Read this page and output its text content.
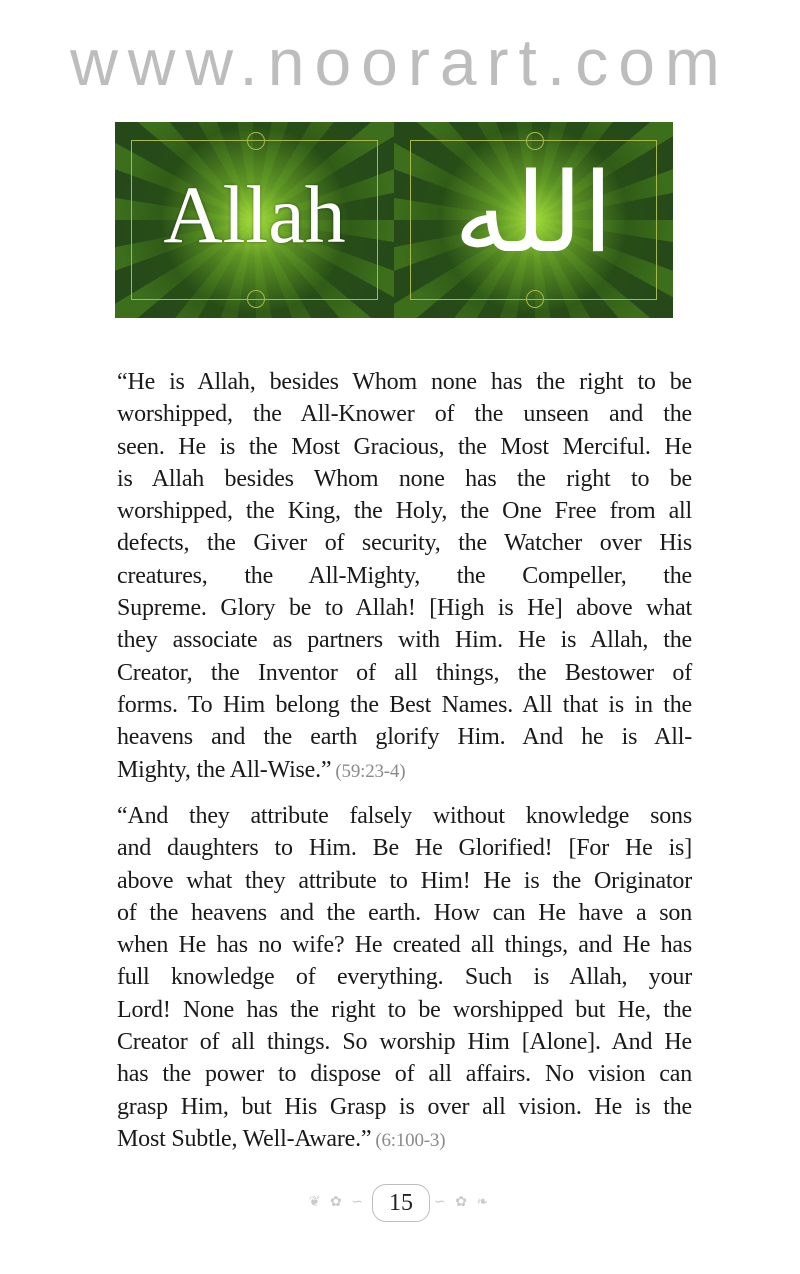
www.noorart.com
Allah الله
“He is Allah, besides Whom none has the right to be
worshipped, the All-Knower of the unseen and the
seen. He is the Most Gracious, the Most Merciful. He
is Allah besides Whom none has the right to be
worshipped, the King, the Holy, the One Free from all
defects, the Giver of security, the Watcher over His
creatures, the All-Mighty, the Compeller, the
Supreme. Glory be to Allah! [High is He] above what
they associate as partners with Him. He is Allah, the
Creator, the Inventor of all things, the Bestower of
forms. To Him belong the Best Names. All that is in the
heavens and the earth glorify Him. And he is All-
Mighty, the All-Wise.” (59:23-4)
“And they attribute falsely without knowledge sons
and daughters to Him. Be He Glorified! [For He is]
above what they attribute to Him! He is the Originator
of the heavens and the earth. How can He have a son
when He has no wife? He created all things, and He has
full knowledge of everything. Such is Allah, your
Lord! None has the right to be worshipped but He, the
Creator of all things. So worship Him [Alone]. And He
has the power to dispose of all affairs. No vision can
grasp Him, but His Grasp is over all vision. He is the
Most Subtle, Well-Aware.” (6:100-3)
❦ ✿ ∽ 15	∽ ✿ ❧
